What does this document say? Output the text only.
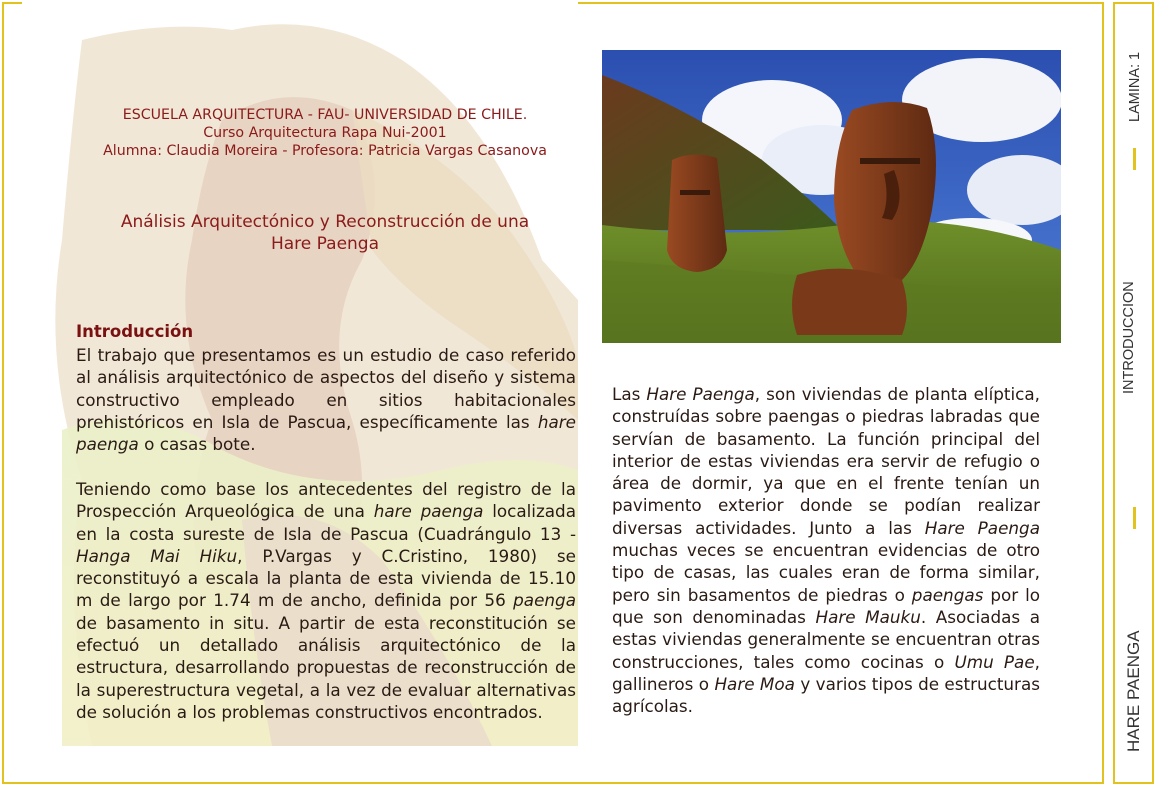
ESCUELA ARQUITECTURA - FAU- UNIVERSIDAD DE CHILE.
Curso Arquitectura Rapa Nui-2001
Alumna: Claudia Moreira - Profesora: Patricia Vargas Casanova
Análisis Arquitectónico y Reconstrucción de una
Hare Paenga
Introducción

El trabajo que presentamos es un estudio de caso referido al análisis arquitectónico de aspectos del diseño y sistema constructivo empleado en sitios habitacionales prehistóricos en Isla de Pascua, específicamente las hare paenga o casas bote.

Teniendo como base los antecedentes del registro de la Prospección Arqueológica de una hare paenga localizada en la costa sureste de Isla de Pascua (Cuadrángulo 13 - Hanga Mai Hiku, P.Vargas y C.Cristino, 1980) se reconstituyó a escala la planta de esta vivienda de 15.10 m de largo por 1.74 m de ancho, definida por 56 paenga de basamento in situ. A partir de esta reconstitución se efectuó un detallado análisis arquitectónico de la estructura, desarrollando propuestas de reconstrucción de la superestructura vegetal, a la vez de evaluar alternativas de solución a los problemas constructivos encontrados.

Las Hare Paenga, son viviendas de planta elíptica, construídas sobre paengas o piedras labradas que servían de basamento. La función principal del interior de estas viviendas era servir de refugio o área de dormir, ya que en el frente tenían un pavimento exterior donde se podían realizar diversas actividades. Junto a las Hare Paenga muchas veces se encuentran evidencias de otro tipo de casas, las cuales eran de forma similar, pero sin basamentos de piedras o paengas por lo que son denominadas Hare Mauku. Asociadas a estas viviendas generalmente se encuentran otras construcciones, tales como cocinas o Umu Pae, gallineros o Hare Moa y varios tipos de estructuras agrícolas.

LAMINA: 1
INTRODUCCION
HARE PAENGA
